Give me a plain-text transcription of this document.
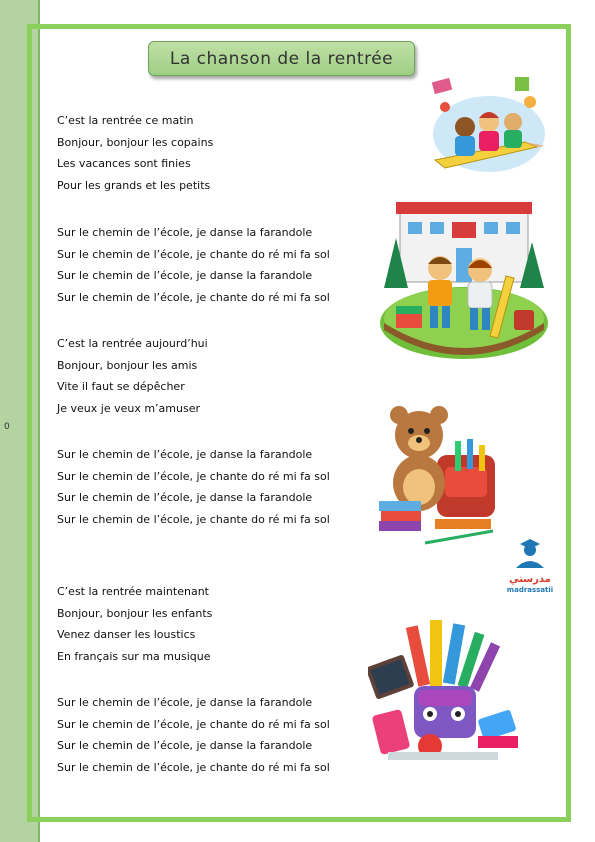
0
La chanson de la rentrée
C’est la rentrée ce matin
Bonjour, bonjour les copains
Les vacances sont finies
Pour les grands et les petits
Sur le chemin de l’école, je danse la farandole
Sur le chemin de l’école, je chante do ré mi fa sol
Sur le chemin de l’école, je danse la farandole
Sur le chemin de l’école, je chante do ré mi fa sol
C’est la rentrée aujourd’hui
Bonjour, bonjour les amis
Vite il faut se dépêcher
Je veux je veux m’amuser
Sur le chemin de l’école, je danse la farandole
Sur le chemin de l’école, je chante do ré mi fa sol
Sur le chemin de l’école, je danse la farandole
Sur le chemin de l’école, je chante do ré mi fa sol
C’est la rentrée maintenant
Bonjour, bonjour les enfants
Venez danser les loustics
En français sur ma musique
Sur le chemin de l’école, je danse la farandole
Sur le chemin de l’école, je chante do ré mi fa sol
Sur le chemin de l’école, je danse la farandole
Sur le chemin de l’école, je chante do ré mi fa sol
مدرستي
madrassatii
